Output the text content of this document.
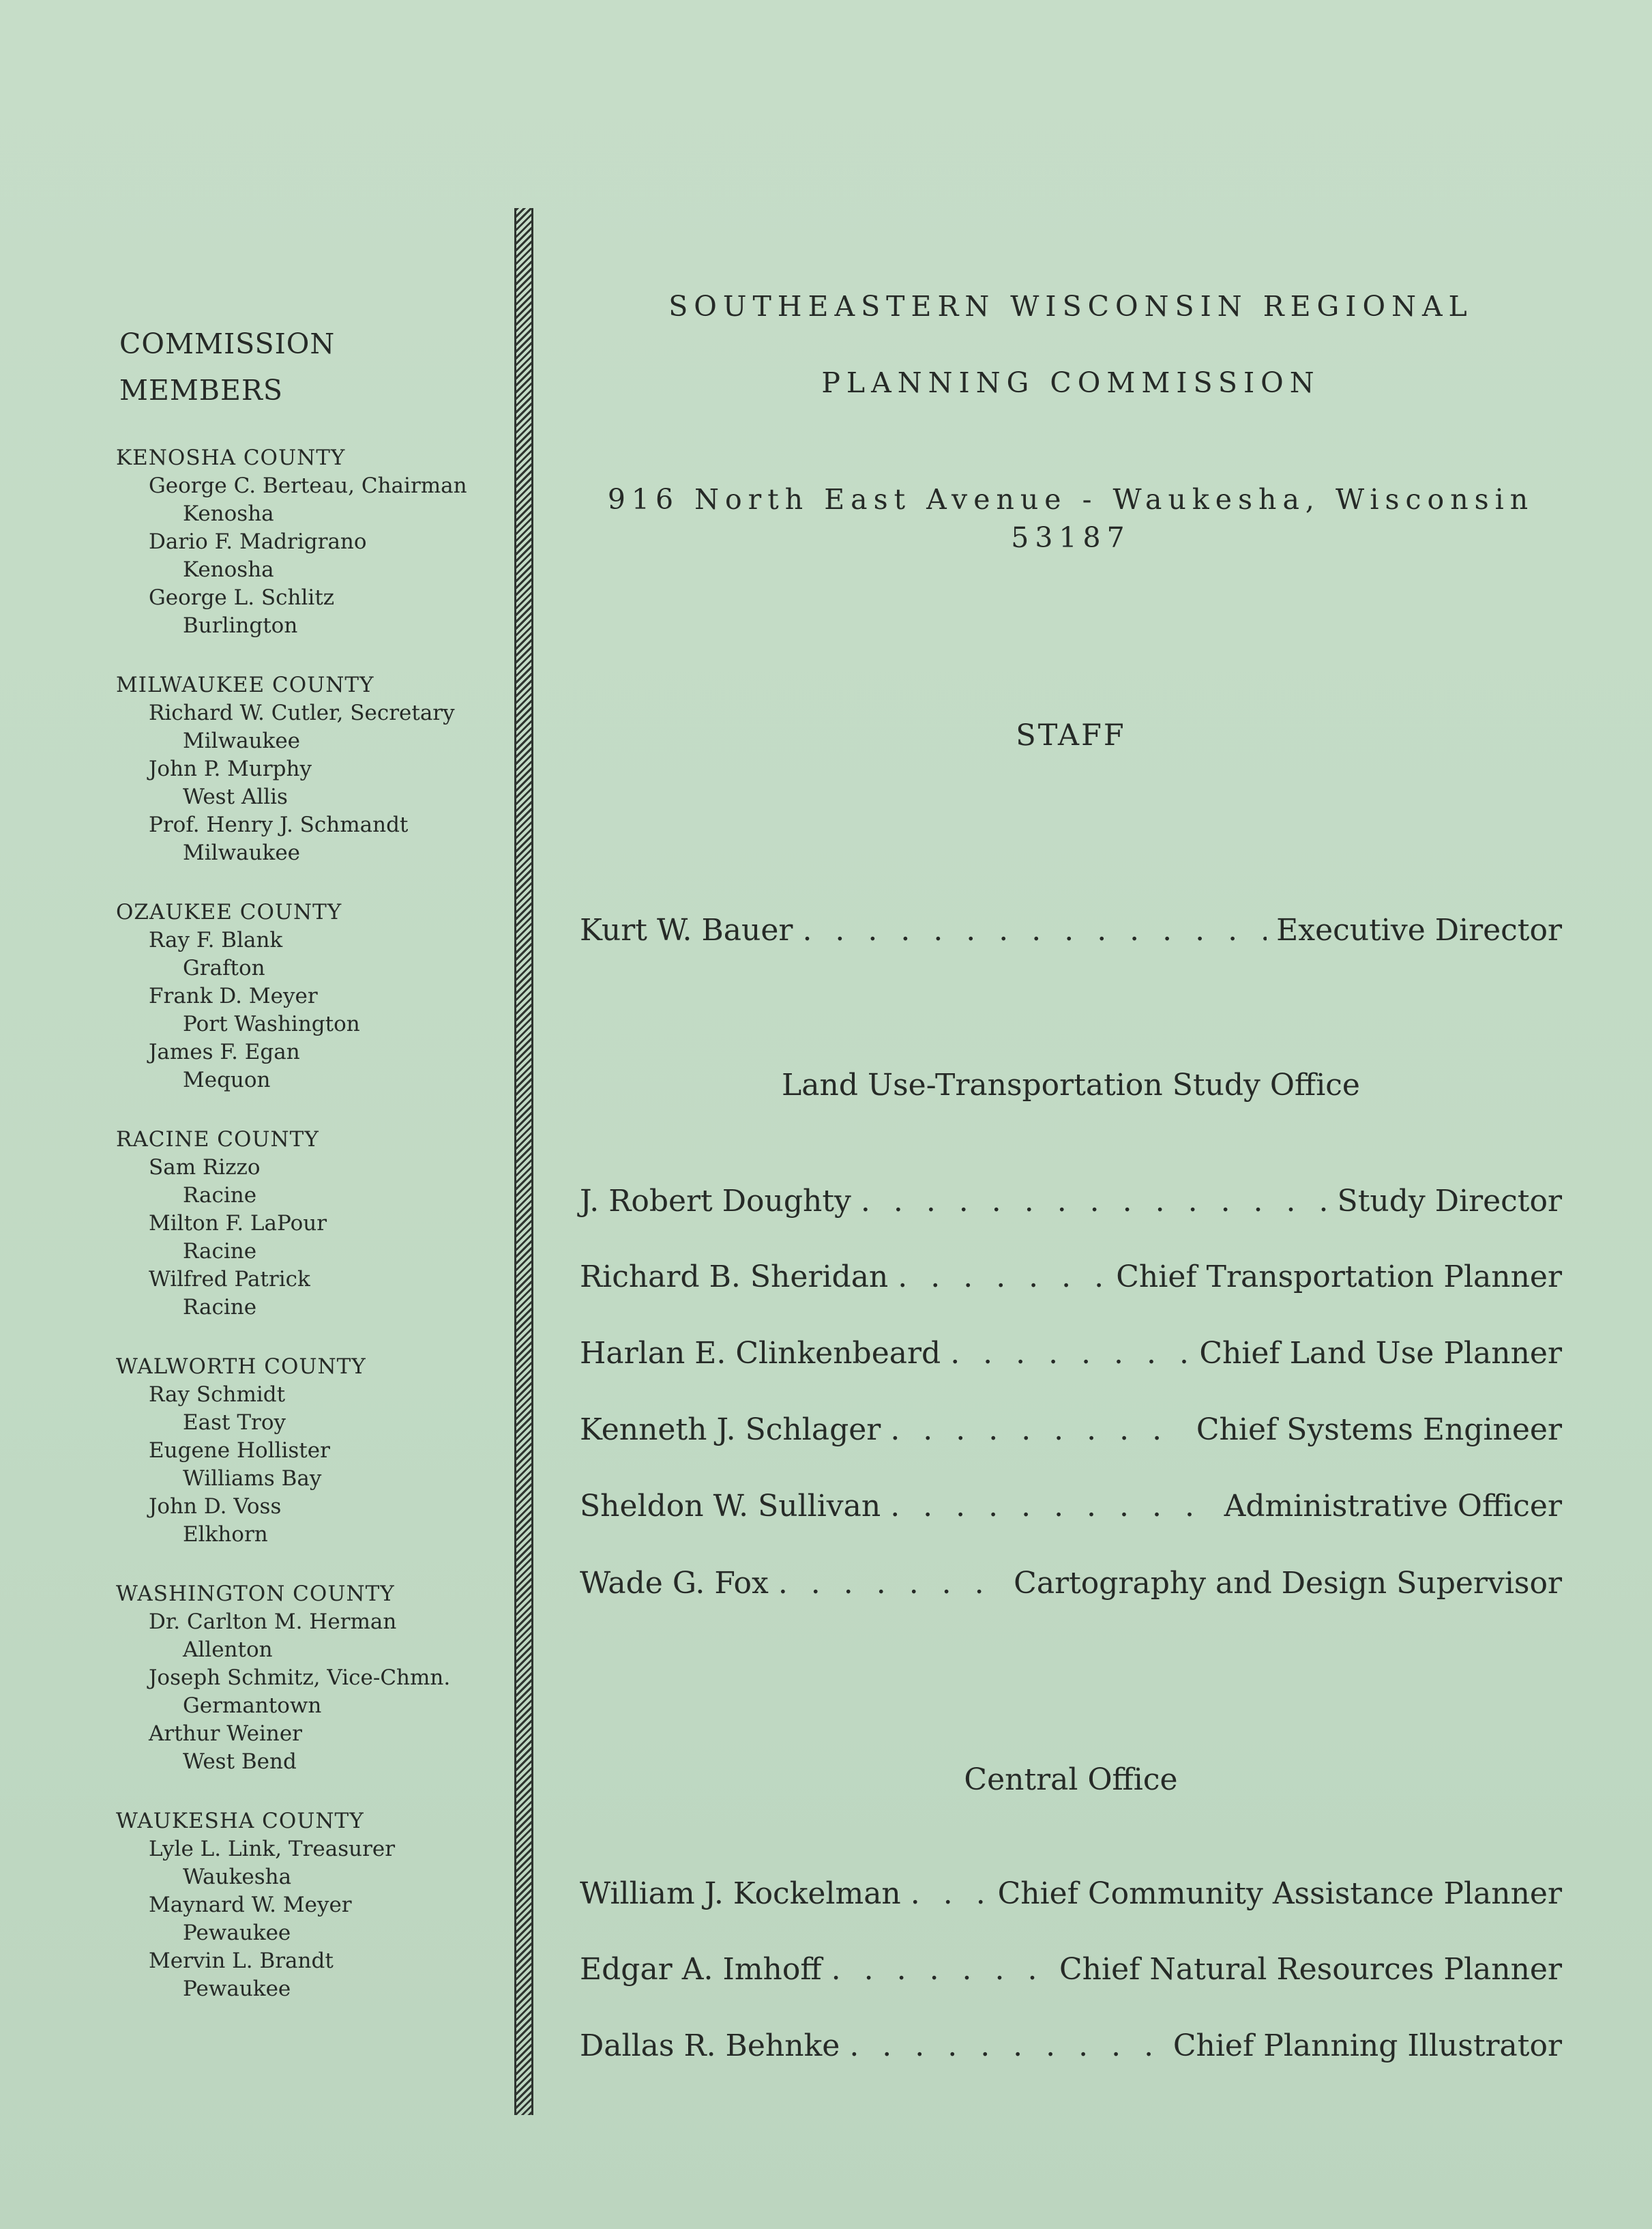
COMMISSION
MEMBERS
KENOSHA COUNTY
George C. Berteau, Chairman
Kenosha
Dario F. Madrigrano
Kenosha
George L. Schlitz
Burlington
MILWAUKEE COUNTY
Richard W. Cutler, Secretary
Milwaukee
John P. Murphy
West Allis
Prof. Henry J. Schmandt
Milwaukee
OZAUKEE COUNTY
Ray F. Blank
Grafton
Frank D. Meyer
Port Washington
James F. Egan
Mequon
RACINE COUNTY
Sam Rizzo
Racine
Milton F. LaPour
Racine
Wilfred Patrick
Racine
WALWORTH COUNTY
Ray Schmidt
East Troy
Eugene Hollister
Williams Bay
John D. Voss
Elkhorn
WASHINGTON COUNTY
Dr. Carlton M. Herman
Allenton
Joseph Schmitz, Vice-Chmn.
Germantown
Arthur Weiner
West Bend
WAUKESHA COUNTY
Lyle L. Link, Treasurer
Waukesha
Maynard W. Meyer
Pewaukee
Mervin L. Brandt
Pewaukee
SOUTHEASTERN WISCONSIN REGIONAL
PLANNING COMMISSION
916 North East Avenue - Waukesha, Wisconsin
53187
STAFF
Kurt W. Bauer . . .	Executive Director
Land Use-Transportation Study Office
J. Robert Doughty . . .	Study Director
Richard B. Sheridan . . .	Chief Transportation Planner
Harlan E. Clinkenbeard . . .	Chief Land Use Planner
Kenneth J. Schlager . . .	Chief Systems Engineer
Sheldon W. Sullivan . . .	Administrative Officer
Wade G. Fox . . .	Cartography and Design Supervisor
Central Office
William J. Kockelman . . .	Chief Community Assistance Planner
Edgar A. Imhoff . . .	Chief Natural Resources Planner
Dallas R. Behnke . . .	Chief Planning Illustrator
